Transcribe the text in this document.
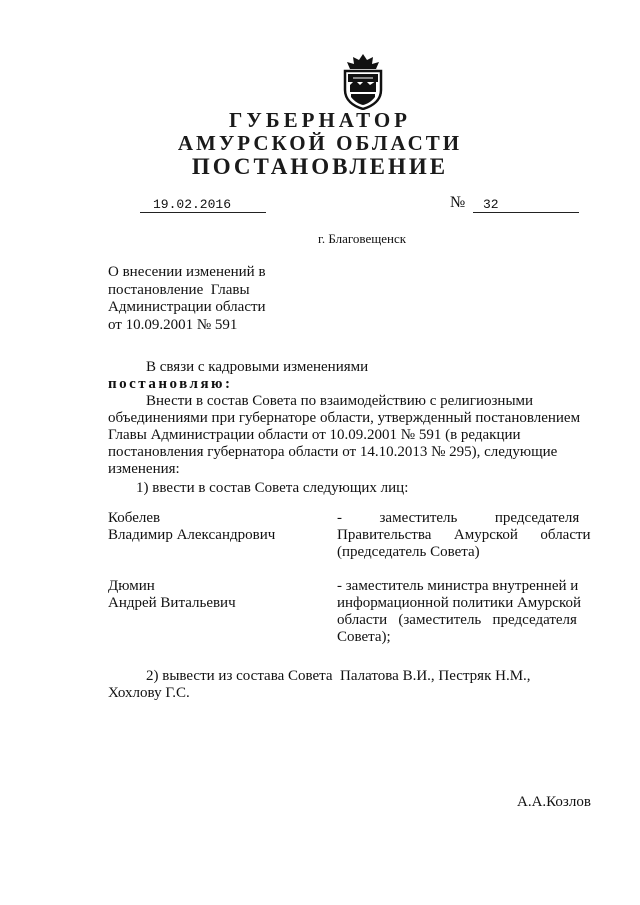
ГУБЕРНАТОР
АМУРСКОЙ ОБЛАСТИ
ПОСТАНОВЛЕНИЕ
19.02.2016	№	32
г. Благовещенск
О внесении изменений в
постановление  Главы
Администрации области
от 10.09.2001 № 591
В связи с кадровыми изменениями
постановляю:
Внести в состав Совета по взаимодействию с религиозными
объединениями при губернаторе области, утвержденный постановлением
Главы Администрации области от 10.09.2001 № 591 (в редакции
постановления губернатора области от 14.10.2013 № 295), следующие
изменения:
1) ввести в состав Совета следующих лиц:
Кобелев
Владимир Александрович
-          заместитель          председателя
Правительства      Амурской      области
(председатель Совета)
Дюмин
Андрей Витальевич
- заместитель министра внутренней и
информационной политики Амурской
области   (заместитель   председателя
Совета);
2) вывести из состава Совета  Палатова В.И., Пестряк Н.М.,
Хохлову Г.С.
А.А.Козлов
